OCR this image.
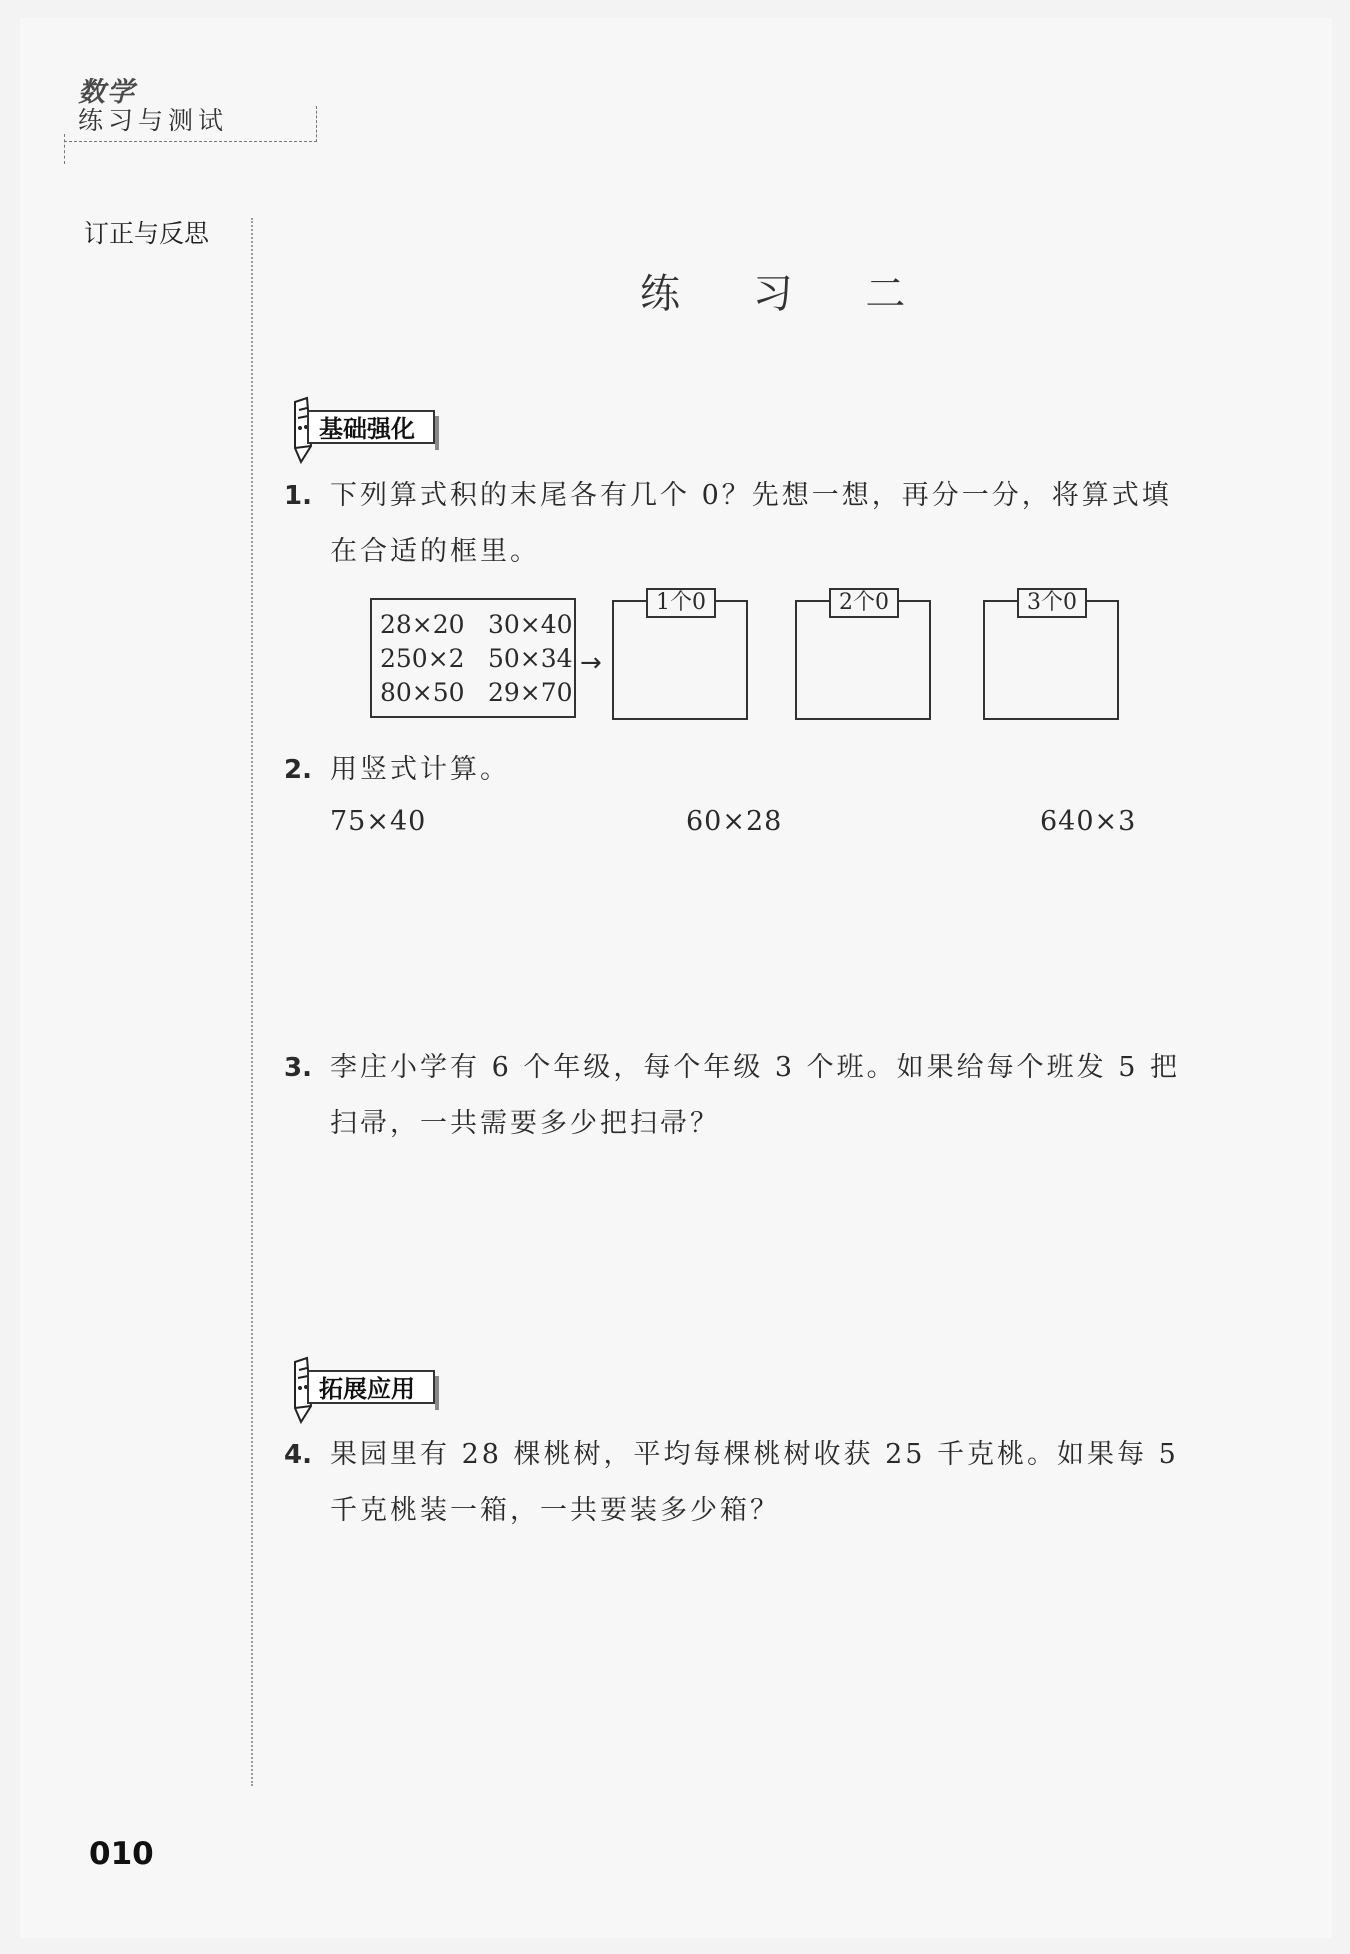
数学
练习与测试
订正与反思
练 习 二
基础强化
1. 下列算式积的末尾各有几个 0？先想一想，再分一分，将算式填
在合适的框里。
28×20 30×40
250×2 50×34
80×50 29×70
→
1个0	2个0	3个0
2. 用竖式计算。
75×40	60×28	640×3
3. 李庄小学有 6 个年级，每个年级 3 个班。如果给每个班发 5 把
扫帚，一共需要多少把扫帚？
拓展应用
4. 果园里有 28 棵桃树，平均每棵桃树收获 25 千克桃。如果每 5
千克桃装一箱，一共要装多少箱？
010
